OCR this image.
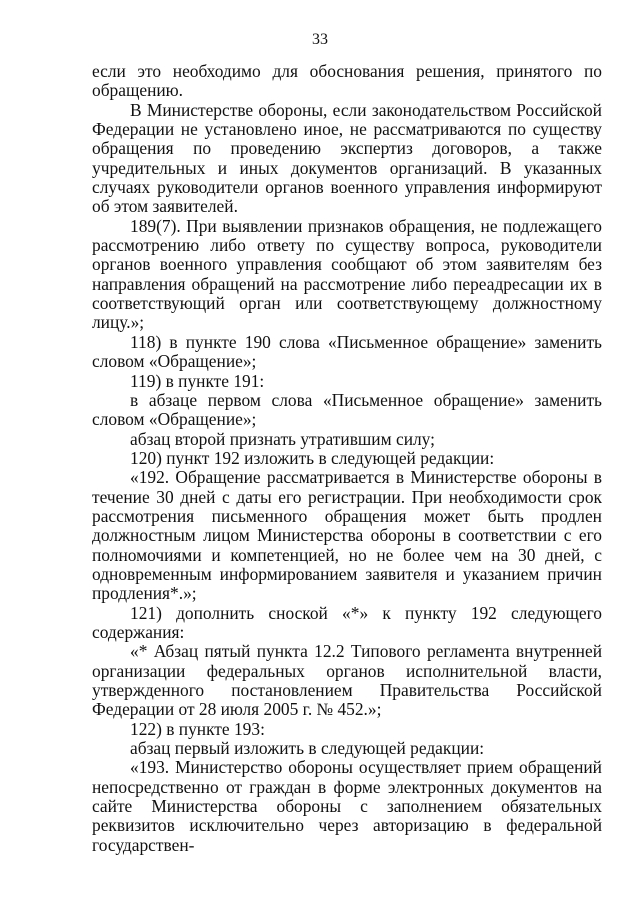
33

если это необходимо для обоснования решения, принятого по обращению.

В Министерстве обороны, если законодательством Российской Федерации не установлено иное, не рассматриваются по существу обращения по проведению экспертиз договоров, а также учредительных и иных документов организаций. В указанных случаях руководители органов военного управления информируют об этом заявителей.

189(7). При выявлении признаков обращения, не подлежащего рассмотрению либо ответу по существу вопроса, руководители органов военного управления сообщают об этом заявителям без направления обращений на рассмотрение либо переадресации их в соответствующий орган или соответствующему должностному лицу.»;

118) в пункте 190 слова «Письменное обращение» заменить словом «Обращение»;

119) в пункте 191:

в абзаце первом слова «Письменное обращение» заменить словом «Обращение»;

абзац второй признать утратившим силу;

120) пункт 192 изложить в следующей редакции:

«192. Обращение рассматривается в Министерстве обороны в течение 30 дней с даты его регистрации. При необходимости срок рассмотрения письменного обращения может быть продлен должностным лицом Министерства обороны в соответствии с его полномочиями и компетенцией, но не более чем на 30 дней, с одновременным информированием заявителя и указанием причин продления*.»;

121) дополнить сноской «*» к пункту 192 следующего содержания:

«* Абзац пятый пункта 12.2 Типового регламента внутренней организации федеральных органов исполнительной власти, утвержденного постановлением Правительства Российской Федерации от 28 июля 2005 г. № 452.»;

122) в пункте 193:

абзац первый изложить в следующей редакции:

«193. Министерство обороны осуществляет прием обращений непосредственно от граждан в форме электронных документов на сайте Министерства обороны с заполнением обязательных реквизитов исключительно через авторизацию в федеральной государствен-
